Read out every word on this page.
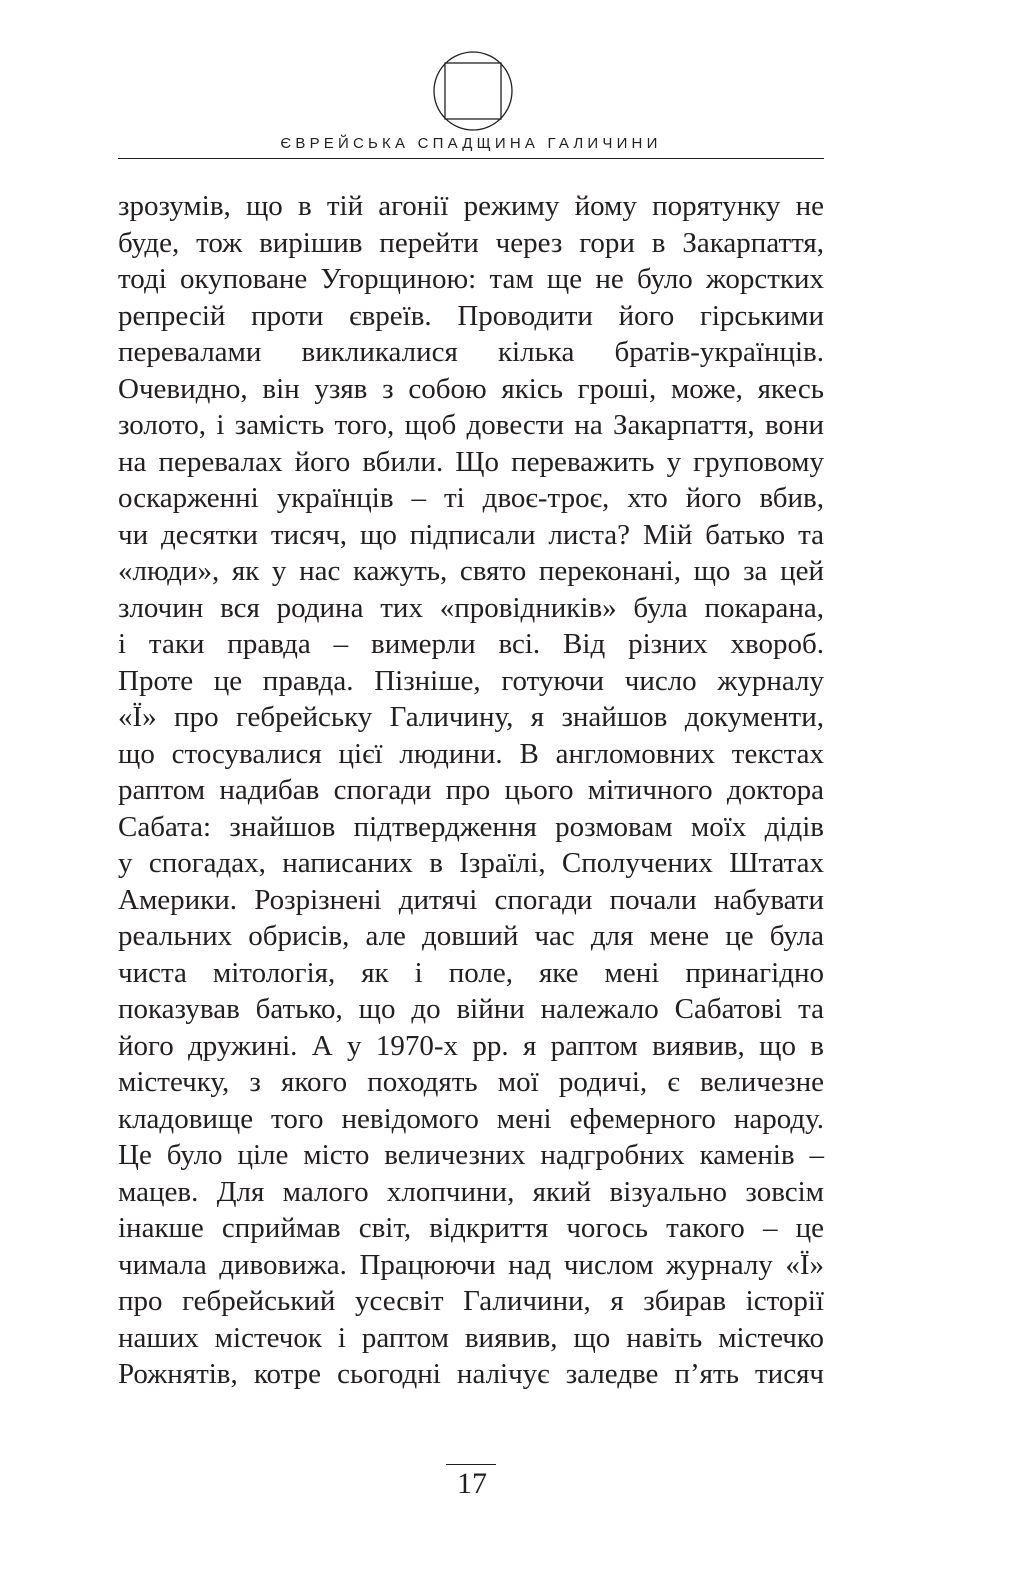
ЄВРЕЙСЬКА СПАДЩИНА ГАЛИЧИНИ
зрозумів, що в тій агонії режиму йому порятунку не
буде, тож вирішив перейти через гори в Закарпаття,
тоді окуповане Угорщиною: там ще не було жорстких
репресій проти євреїв. Проводити його гірськими
перевалами викликалися кілька братів-українців.
Очевидно, він узяв з собою якісь гроші, може, якесь
золото, і замість того, щоб довести на Закарпаття, вони
на перевалах його вбили. Що переважить у груповому
оскарженні українців – ті двоє-троє, хто його вбив,
чи десятки тисяч, що підписали листа? Мій батько та
«люди», як у нас кажуть, свято переконані, що за цей
злочин вся родина тих «провідників» була покарана,
і таки правда – вимерли всі. Від різних хвороб.
Проте це правда. Пізніше, готуючи число журналу
«Ї» про гебрейську Галичину, я знайшов документи,
що стосувалися цієї людини. В англомовних текстах
раптом надибав спогади про цього мітичного доктора
Сабата: знайшов підтвердження розмовам моїх дідів
у спогадах, написаних в Ізраїлі, Сполучених Штатах
Америки. Розрізнені дитячі спогади почали набувати
реальних обрисів, але довший час для мене це була
чиста мітологія, як і поле, яке мені принагідно
показував батько, що до війни належало Сабатові та
його дружині. А у 1970-х рр. я раптом виявив, що в
містечку, з якого походять мої родичі, є величезне
кладовище того невідомого мені ефемерного народу.
Це було ціле місто величезних надгробних каменів –
мацев. Для малого хлопчини, який візуально зовсім
інакше сприймав світ, відкриття чогось такого – це
чимала дивовижа. Працюючи над числом журналу «Ї»
про гебрейський усесвіт Галичини, я збирав історії
наших містечок і раптом виявив, що навіть містечко
Рожнятів, котре сьогодні налічує заледве п’ять тисяч
17
